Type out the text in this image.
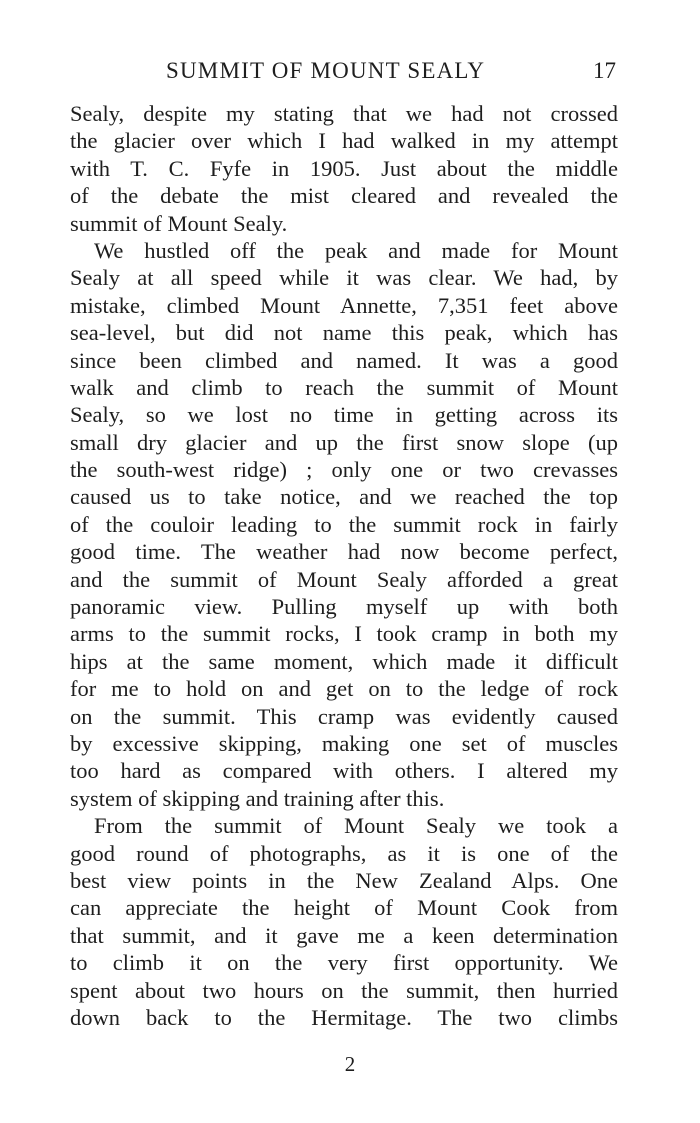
SUMMIT OF MOUNT SEALY	17
Sealy, despite my stating that we had not crossed
the glacier over which I had walked in my attempt
with T. C. Fyfe in 1905. Just about the middle
of the debate the mist cleared and revealed the
summit of Mount Sealy.
We hustled off the peak and made for Mount
Sealy at all speed while it was clear. We had, by
mistake, climbed Mount Annette, 7,351 feet above
sea-level, but did not name this peak, which has
since been climbed and named. It was a good
walk and climb to reach the summit of Mount
Sealy, so we lost no time in getting across its
small dry glacier and up the first snow slope (up
the south-west ridge) ; only one or two crevasses
caused us to take notice, and we reached the top
of the couloir leading to the summit rock in fairly
good time. The weather had now become perfect,
and the summit of Mount Sealy afforded a great
panoramic view. Pulling myself up with both
arms to the summit rocks, I took cramp in both my
hips at the same moment, which made it difficult
for me to hold on and get on to the ledge of rock
on the summit. This cramp was evidently caused
by excessive skipping, making one set of muscles
too hard as compared with others. I altered my
system of skipping and training after this.
From the summit of Mount Sealy we took a
good round of photographs, as it is one of the
best view points in the New Zealand Alps. One
can appreciate the height of Mount Cook from
that summit, and it gave me a keen determination
to climb it on the very first opportunity. We
spent about two hours on the summit, then hurried
down back to the Hermitage. The two climbs
2
